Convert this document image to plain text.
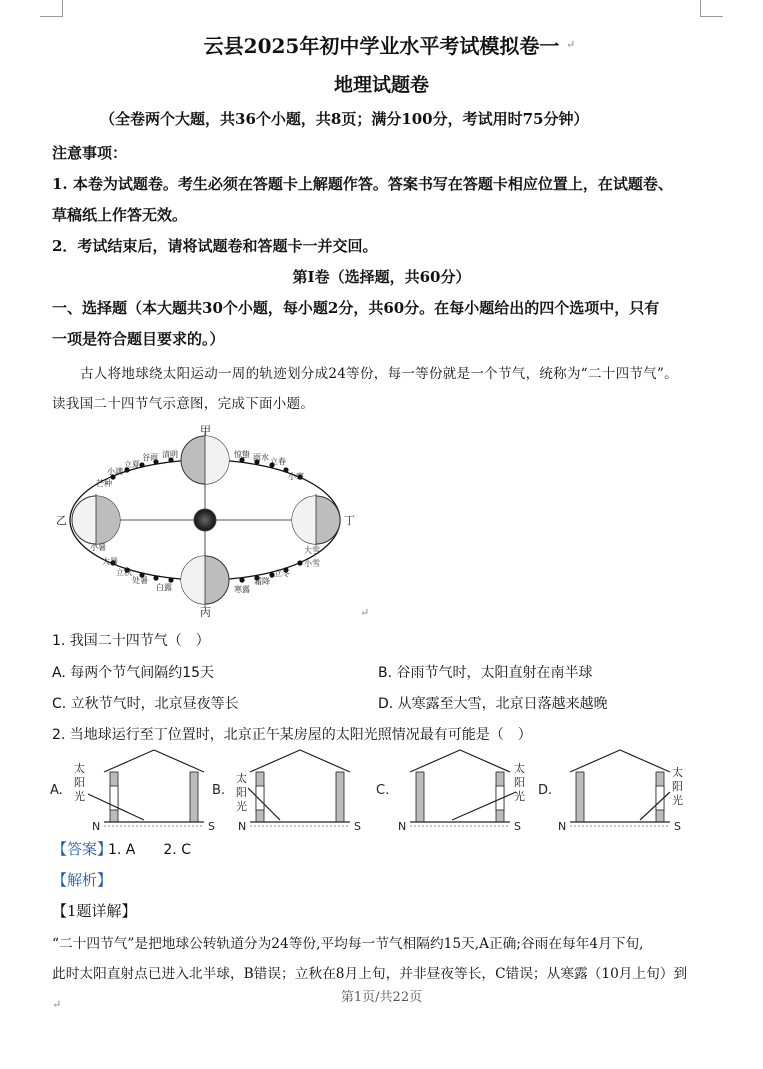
云县2025年初中学业水平考试模拟卷一 ↵
地理试题卷
（全卷两个大题，共36个小题，共8页；满分100分，考试用时75分钟）
注意事项：
1. 本卷为试题卷。考生必须在答题卡上解题作答。答案书写在答题卡相应位置上，在试题卷、
草稿纸上作答无效。
2．考试结束后，请将试题卷和答题卡一并交回。
第Ⅰ卷（选择题，共60分）
一、选择题（本大题共30个小题，每小题2分，共60分。在每小题给出的四个选项中，只有
一项是符合题目要求的。）
古人将地球绕太阳运动一周的轨迹划分成24等份，每一等份就是一个节气，统称为“二十四节气”。
读我国二十四节气示意图，完成下面小题。
甲
乙
丙
丁
芒种
小满
立夏
谷雨 清明	惊蛰 雨水 立春
小寒
小暑
大暑
立秋
处暑
白露	寒露
霜降
立冬
小雪
大雪
↵
1. 我国二十四节气（　）
A. 每两个节气间隔约15天	B. 谷雨节气时，太阳直射在南半球
C. 立秋节气时，北京昼夜等长	D. 从寒露至大雪，北京日落越来越晚
2. 当地球运行至丁位置时，北京正午某房屋的太阳光照情况最有可能是（　）
A.
太
阳
光
N	S
B.
太
阳
光
N	S
C.
太
阳
光
N	S
D.
太
阳
光
N	S
【答案】
1. A　　2. C
【解析】
【1题详解】
“二十四节气”是把地球公转轨道分为24等份,平均每一节气相隔约15天,A正确;谷雨在每年4月下旬,
此时太阳直射点已进入北半球，B错误；立秋在8月上旬，并非昼夜等长，C错误；从寒露（10月上旬）到
第1页/共22页
↵
